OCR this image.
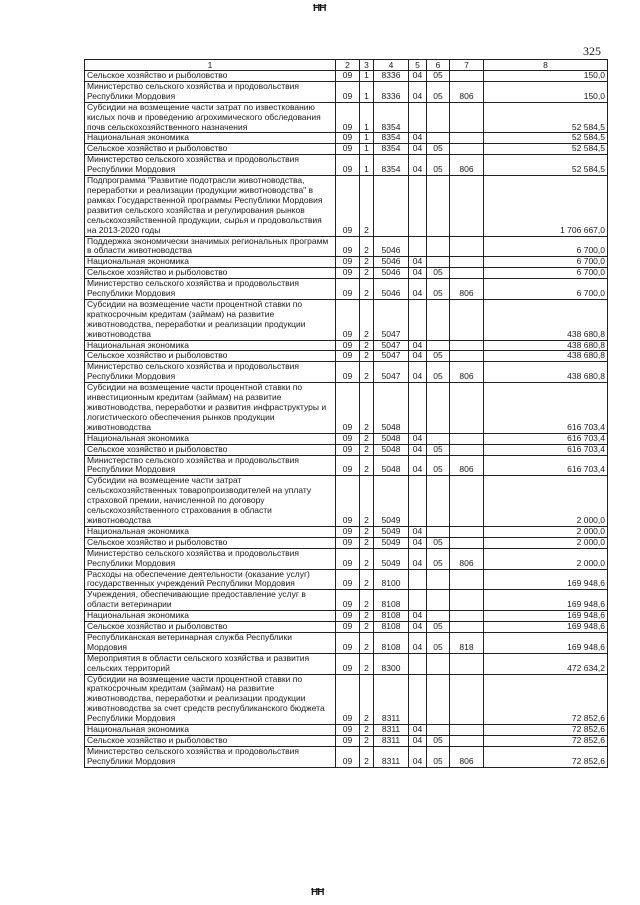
ĦĦ
325
1	2	3	4	5	6	7	8
Сельское хозяйство и рыболовство	09	1	8336	04	05		150,0
Министерство сельского хозяйства и продовольствия Республики Мордовия	09	1	8336	04	05	806	150,0
Субсидии на возмещение части затрат по известкованию кислых почв и проведению агрохимического обследования почв сельскохозяйственного назначения	09	1	8354				52 584,5
Национальная экономика	09	1	8354	04			52 584,5
Сельское хозяйство и рыболовство	09	1	8354	04	05		52 584,5
Министерство сельского хозяйства и продовольствия Республики Мордовия	09	1	8354	04	05	806	52 584,5
Подпрограмма "Развитие подотрасли животноводства, переработки и реализации продукции животноводства" в рамках Государственной программы Республики Мордовия развития сельского хозяйства и регулирования рынков сельскохозяйственной продукции, сырья и продовольствия на 2013-2020 годы	09	2					1 706 667,0
Поддержка экономически значимых региональных программ в области животноводства	09	2	5046				6 700,0
Национальная экономика	09	2	5046	04			6 700,0
Сельское хозяйство и рыболовство	09	2	5046	04	05		6 700,0
Министерство сельского хозяйства и продовольствия Республики Мордовия	09	2	5046	04	05	806	6 700,0
Субсидии на возмещение части процентной ставки по краткосрочным кредитам (займам) на развитие животноводства, переработки и реализации продукции животноводства	09	2	5047				438 680,8
Национальная экономика	09	2	5047	04			438 680,8
Сельское хозяйство и рыболовство	09	2	5047	04	05		438 680,8
Министерство сельского хозяйства и продовольствия Республики Мордовия	09	2	5047	04	05	806	438 680,8
Субсидии на возмещение части процентной ставки по инвестиционным кредитам (займам) на развитие животноводства, переработки и развития инфраструктуры и логистического обеспечения рынков продукции животноводства	09	2	5048				616 703,4
Национальная экономика	09	2	5048	04			616 703,4
Сельское хозяйство и рыболовство	09	2	5048	04	05		616 703,4
Министерство сельского хозяйства и продовольствия Республики Мордовия	09	2	5048	04	05	806	616 703,4
Субсидии на возмещение части затрат сельскохозяйственных товаропроизводителей на уплату страховой премии, начисленной по договору сельскохозяйственного страхования в области животноводства	09	2	5049				2 000,0
Национальная экономика	09	2	5049	04			2 000,0
Сельское хозяйство и рыболовство	09	2	5049	04	05		2 000,0
Министерство сельского хозяйства и продовольствия Республики Мордовия	09	2	5049	04	05	806	2 000,0
Расходы на обеспечение деятельности (оказание услуг) государственных учреждений Республики Мордовия	09	2	8100				169 948,6
Учреждения, обеспечивающие предоставление услуг в области ветеринарии	09	2	8108				169 948,6
Национальная экономика	09	2	8108	04			169 948,6
Сельское хозяйство и рыболовство	09	2	8108	04	05		169 948,6
Республиканская ветеринарная служба Республики Мордовия	09	2	8108	04	05	818	169 948,6
Мероприятия в области сельского хозяйства и развития сельских территорий	09	2	8300				472 634,2
Субсидии на возмещение части процентной ставки по краткосрочным кредитам (займам) на развитие животноводства, переработки и реализации продукции животноводства за счет средств республиканского бюджета Республики Мордовия	09	2	8311				72 852,6
Национальная экономика	09	2	8311	04			72 852,6
Сельское хозяйство и рыболовство	09	2	8311	04	05		72 852,6
Министерство сельского хозяйства и продовольствия Республики Мордовия	09	2	8311	04	05	806	72 852,6
ĦĦ
